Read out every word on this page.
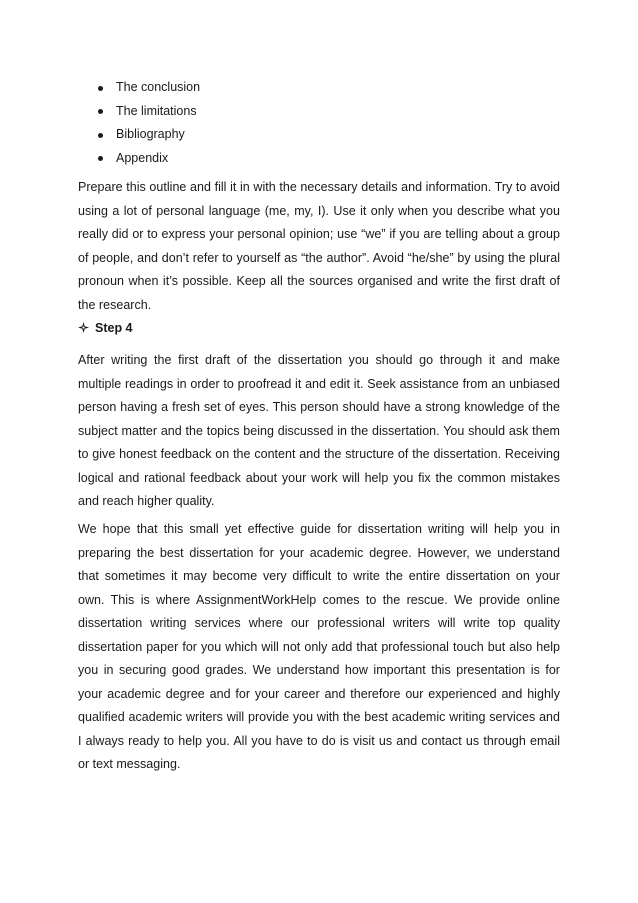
The conclusion
The limitations
Bibliography
Appendix

Prepare this outline and fill it in with the necessary details and information. Try to avoid using a lot of personal language (me, my, I). Use it only when you describe what you really did or to express your personal opinion; use “we” if you are telling about a group of people, and don’t refer to yourself as “the author”. Avoid “he/she” by using the plural pronoun when it’s possible. Keep all the sources organised and write the first draft of the research.

Step 4

After writing the first draft of the dissertation you should go through it and make multiple readings in order to proofread it and edit it. Seek assistance from an unbiased person having a fresh set of eyes. This person should have a strong knowledge of the subject matter and the topics being discussed in the dissertation. You should ask them to give honest feedback on the content and the structure of the dissertation. Receiving logical and rational feedback about your work will help you fix the common mistakes and reach higher quality.

We hope that this small yet effective guide for dissertation writing will help you in preparing the best dissertation for your academic degree. However, we understand that sometimes it may become very difficult to write the entire dissertation on your own. This is where AssignmentWorkHelp comes to the rescue. We provide online dissertation writing services where our professional writers will write top quality dissertation paper for you which will not only add that professional touch but also help you in securing good grades. We understand how important this presentation is for your academic degree and for your career and therefore our experienced and highly qualified academic writers will provide you with the best academic writing services and I always ready to help you. All you have to do is visit us and contact us through email or text messaging.
